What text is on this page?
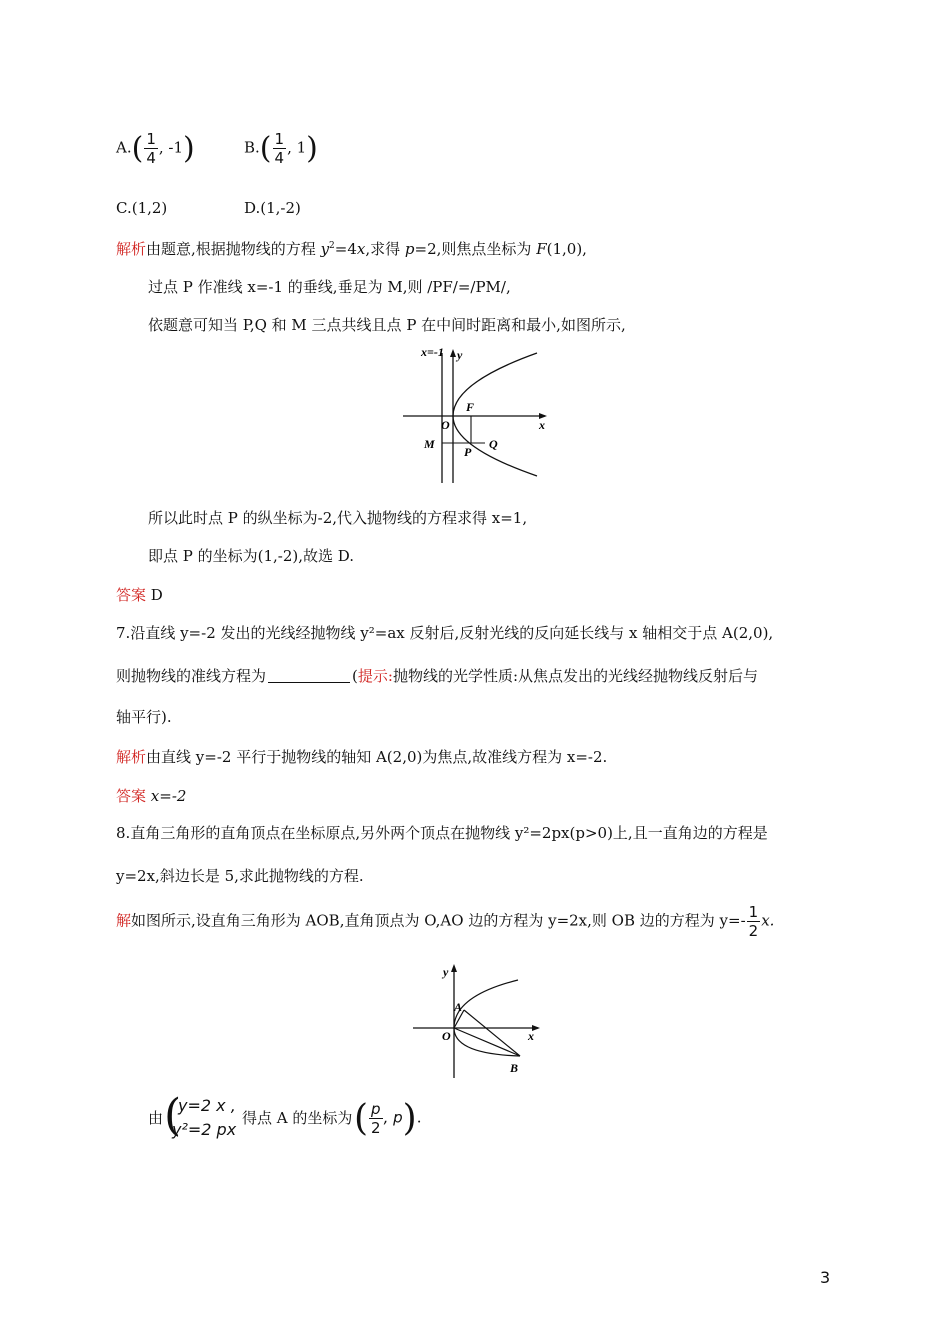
$A.( \frac{1}{4}$ , -1)	$B.( \frac{1}{4}$ , 1)
C.(1,2)	D.(1,-2)
解析由题意,根据抛物线的方程 $y^2=4x$,求得 p=2,则焦点坐标为 F(1,0),
过点 P 作准线 x=-1 的垂线,垂足为 M,则 /PF/=/PM/,
依题意可知当 P,Q 和 M 三点共线且点 P 在中间时距离和最小,如图所示,
x=-1 y
x
O
F
M
P
Q
所以此时点 P 的纵坐标为-2,代入抛物线的方程求得 x=1,
即点 P 的坐标为(1,-2),故选 D.
答案 D
7.沿直线 y=-2 发出的光线经抛物线 y²=ax 反射后,反射光线的反向延长线与 x 轴相交于点 A(2,0),
则抛物线的准线方程为	(提示:抛物线的光学性质:从焦点发出的光线经抛物线反射后与
轴平行).
解析由直线 y=-2 平行于抛物线的轴知 A(2,0)为焦点,故准线方程为 x=-2.
答案 x=-2
8.直角三角形的直角顶点在坐标原点,另外两个顶点在抛物线 y²=2px(p>0)上,且一直角边的方程是
y=2x,斜边长是 5,求此抛物线的方程.
解如图所示,设直角三角形为 AOB,直角顶点为 O,AO 边的方程为 y=2x,则 OB 边的方程为 $y=- \frac{1}{2} x$.
y
x
O
A
B
由 (
y=2 x ,
y²=2 px
得点 A 的坐标为 ( $\frac{p}{2}$ , p).
3
